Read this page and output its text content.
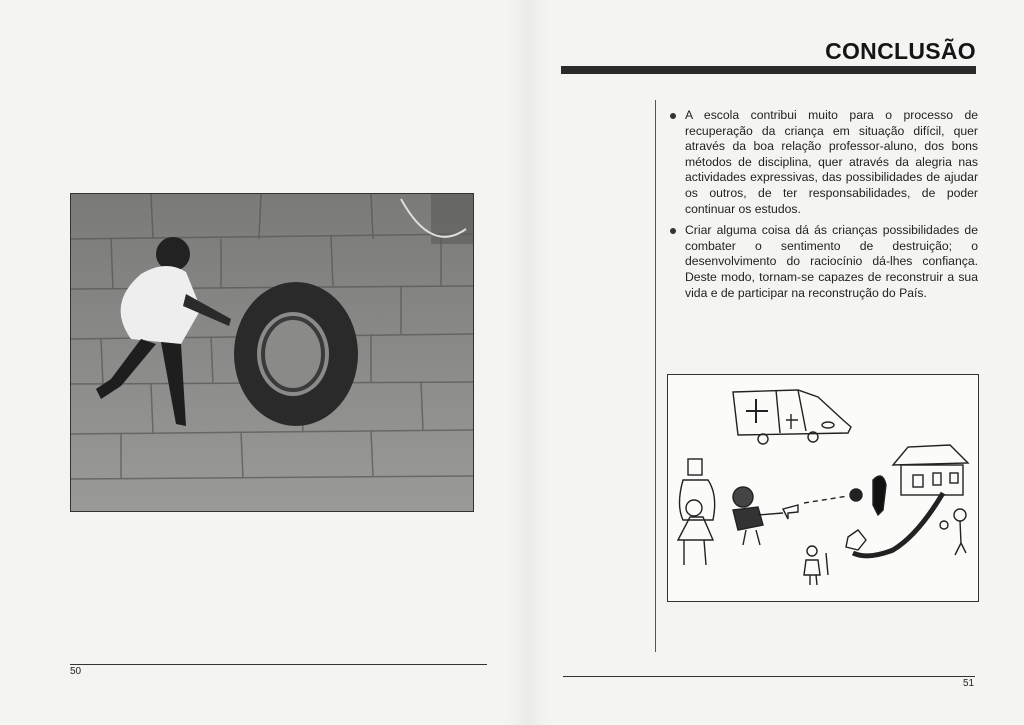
50
CONCLUSÃO
A escola contribui muito para o processo de recuperação da criança em situação difícil, quer através da boa relação professor-aluno, dos bons métodos de disciplina, quer através da alegria nas actividades expressivas, das possibilidades de ajudar os outros, de ter responsabilidades, de poder continuar os estudos.
Criar alguma coisa dá ás crianças possibilidades de combater o sentimento de destruição; o desenvolvimento do raciocínio dá-lhes confiança. Deste modo, tornam-se capazes de reconstruir a sua vida e de participar na reconstrução do País.
51
